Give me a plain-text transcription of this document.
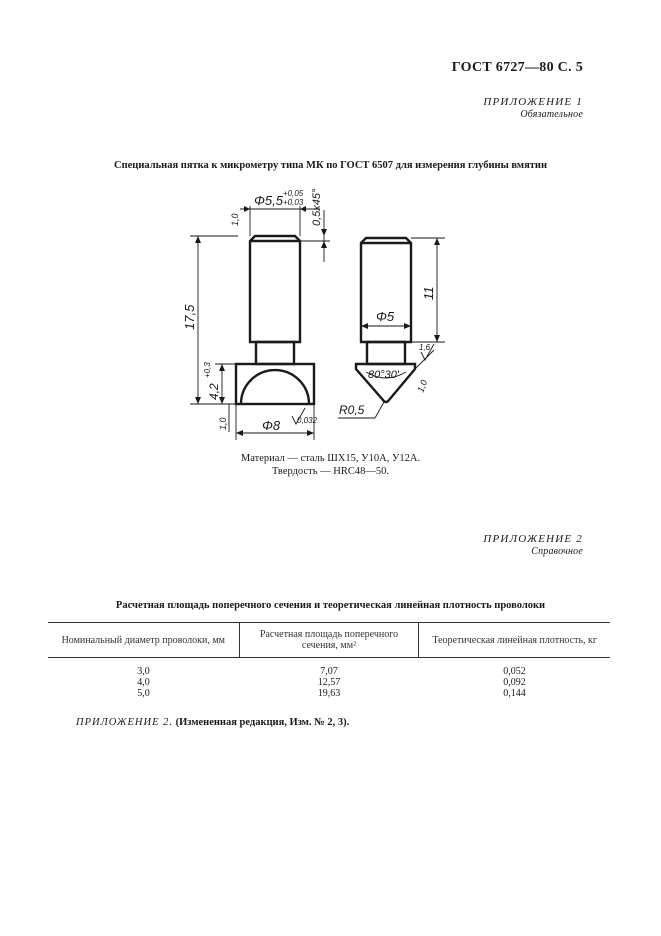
ГОСТ 6727—80 С. 5
ПРИЛОЖЕНИЕ 1
Обязательное
Специальная пятка к микрометру типа МК по ГОСТ 6507 для измерения глубины вмятин
Φ5,5 +0,05
+0,03 0,5x45°
17,5
4,2
+0,3
1,0
1,0
Φ8 0,032
11
Φ5
80°30′
1,0
R0,5
1,6
Материал — сталь ШХ15, У10А, У12А.
Твердость — HRC48—50.
ПРИЛОЖЕНИЕ 2
Справочное
Расчетная площадь поперечного сечения и теоретическая линейная плотность проволоки
Номинальный диаметр проволоки, мм	Расчетная площадь поперечного сечения, мм²	Теоретическая линейная плотность, кг
3,0	7,07	0,052
4,0	12,57	0,092
5,0	19,63	0,144
ПРИЛОЖЕНИЕ 2. (Измененная редакция, Изм. № 2, 3).
